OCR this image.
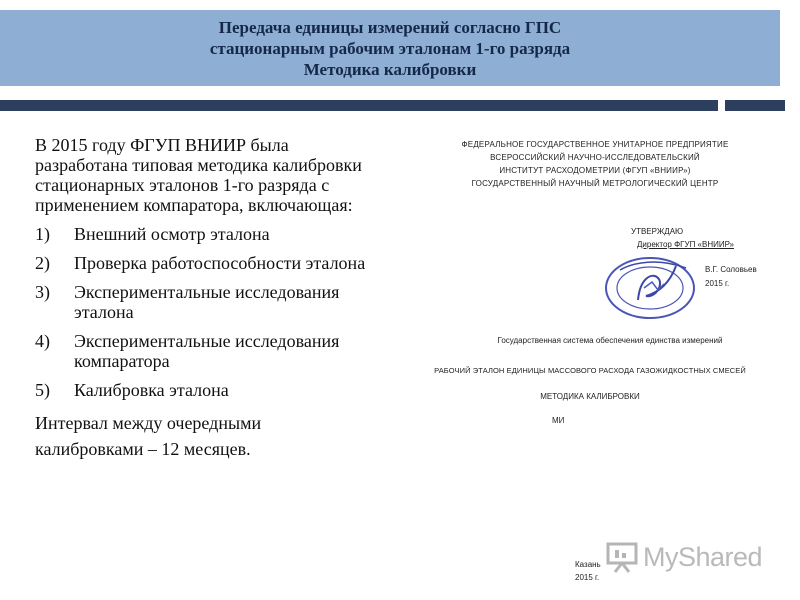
Передача единицы измерений согласно ГПС
стационарным рабочим эталонам 1-го разряда
Методика калибровки

В 2015 году ФГУП ВНИИР была разработана типовая методика калибровки стационарных эталонов 1-го разряда с применением компаратора, включающая:

1)	Внешний осмотр эталона
2)	Проверка работоспособности эталона
3)	Экспериментальные исследования эталона
4)	Экспериментальные исследования компаратора
5)	Калибровка эталона
Интервал между очередными калибровками – 12 месяцев.
ФЕДЕРАЛЬНОЕ ГОСУДАРСТВЕННОЕ УНИТАРНОЕ ПРЕДПРИЯТИЕ
ВСЕРОССИЙСКИЙ НАУЧНО-ИССЛЕДОВАТЕЛЬСКИЙ
ИНСТИТУТ РАСХОДОМЕТРИИ (ФГУП «ВНИИР»)
ГОСУДАРСТВЕННЫЙ НАУЧНЫЙ МЕТРОЛОГИЧЕСКИЙ ЦЕНТР
УТВЕРЖДАЮ
Директор ФГУП «ВНИИР»
В.Г. Соловьев
2015 г.
Государственная система обеспечения единства измерений
РАБОЧИЙ ЭТАЛОН ЕДИНИЦЫ МАССОВОГО РАСХОДА ГАЗОЖИДКОСТНЫХ СМЕСЕЙ
МЕТОДИКА КАЛИБРОВКИ
МИ
Казань
2015 г.
MyShared
